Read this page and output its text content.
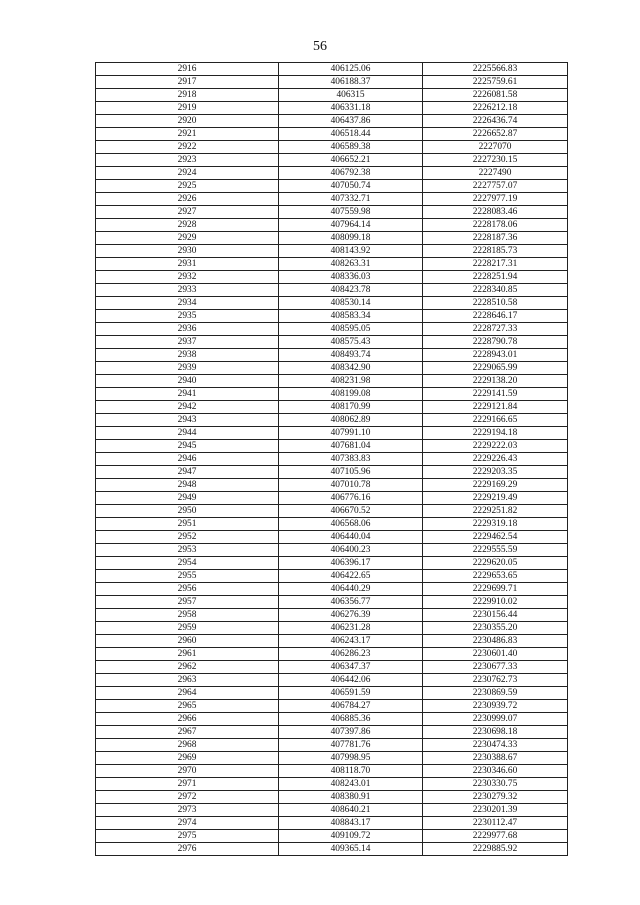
56
2916	406125.06	2225566.83
2917	406188.37	2225759.61
2918	406315	2226081.58
2919	406331.18	2226212.18
2920	406437.86	2226436.74
2921	406518.44	2226652.87
2922	406589.38	2227070
2923	406652.21	2227230.15
2924	406792.38	2227490
2925	407050.74	2227757.07
2926	407332.71	2227977.19
2927	407559.98	2228083.46
2928	407964.14	2228178.06
2929	408099.18	2228187.36
2930	408143.92	2228185.73
2931	408263.31	2228217.31
2932	408336.03	2228251.94
2933	408423.78	2228340.85
2934	408530.14	2228510.58
2935	408583.34	2228646.17
2936	408595.05	2228727.33
2937	408575.43	2228790.78
2938	408493.74	2228943.01
2939	408342.90	2229065.99
2940	408231.98	2229138.20
2941	408199.08	2229141.59
2942	408170.99	2229121.84
2943	408062.89	2229166.65
2944	407991.10	2229194.18
2945	407681.04	2229222.03
2946	407383.83	2229226.43
2947	407105.96	2229203.35
2948	407010.78	2229169.29
2949	406776.16	2229219.49
2950	406670.52	2229251.82
2951	406568.06	2229319.18
2952	406440.04	2229462.54
2953	406400.23	2229555.59
2954	406396.17	2229620.05
2955	406422.65	2229653.65
2956	406440.29	2229699.71
2957	406356.77	2229910.02
2958	406276.39	2230156.44
2959	406231.28	2230355.20
2960	406243.17	2230486.83
2961	406286.23	2230601.40
2962	406347.37	2230677.33
2963	406442.06	2230762.73
2964	406591.59	2230869.59
2965	406784.27	2230939.72
2966	406885.36	2230999.07
2967	407397.86	2230698.18
2968	407781.76	2230474.33
2969	407998.95	2230388.67
2970	408118.70	2230346.60
2971	408243.01	2230330.75
2972	408380.91	2230279.32
2973	408640.21	2230201.39
2974	408843.17	2230112.47
2975	409109.72	2229977.68
2976	409365.14	2229885.92
